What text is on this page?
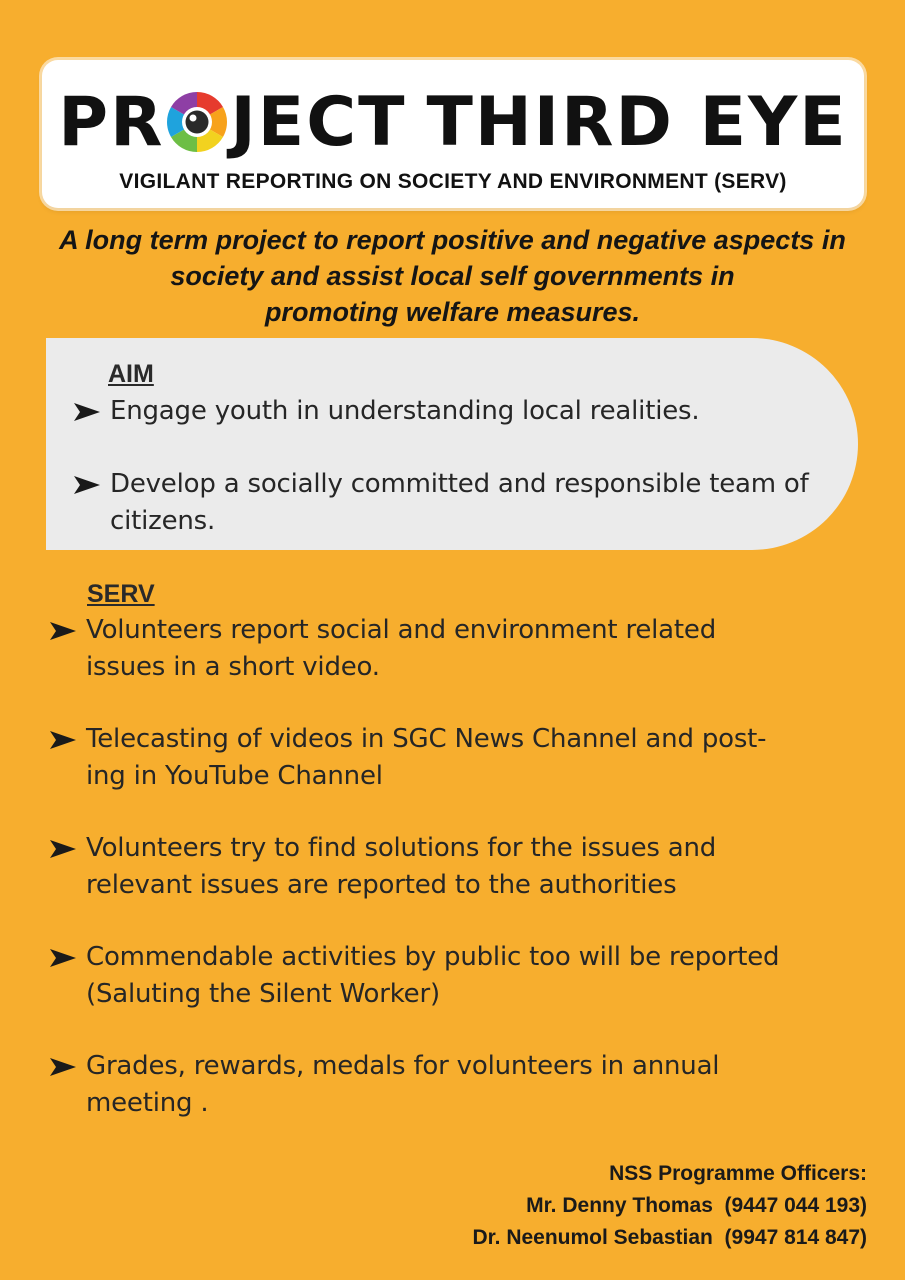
PR JECT THIRD EYE
VIGILANT REPORTING ON SOCIETY AND ENVIRONMENT (SERV)
A long term project to report positive and negative aspects in
society and assist local self governments in
promoting welfare measures.
AIM
Engage youth in understanding local realities.
Develop a socially committed and responsible team of
citizens.
SERV
Volunteers report social and environment related
issues in a short video.
Telecasting of videos in SGC News Channel and post-
ing in YouTube Channel
Volunteers try to find solutions for the issues and
relevant issues are reported to the authorities
Commendable activities by public too will be reported
(Saluting the Silent Worker)
Grades, rewards, medals for volunteers in annual
meeting .
NSS Programme Officers:
Mr. Denny Thomas  (9447 044 193)
Dr. Neenumol Sebastian  (9947 814 847)
